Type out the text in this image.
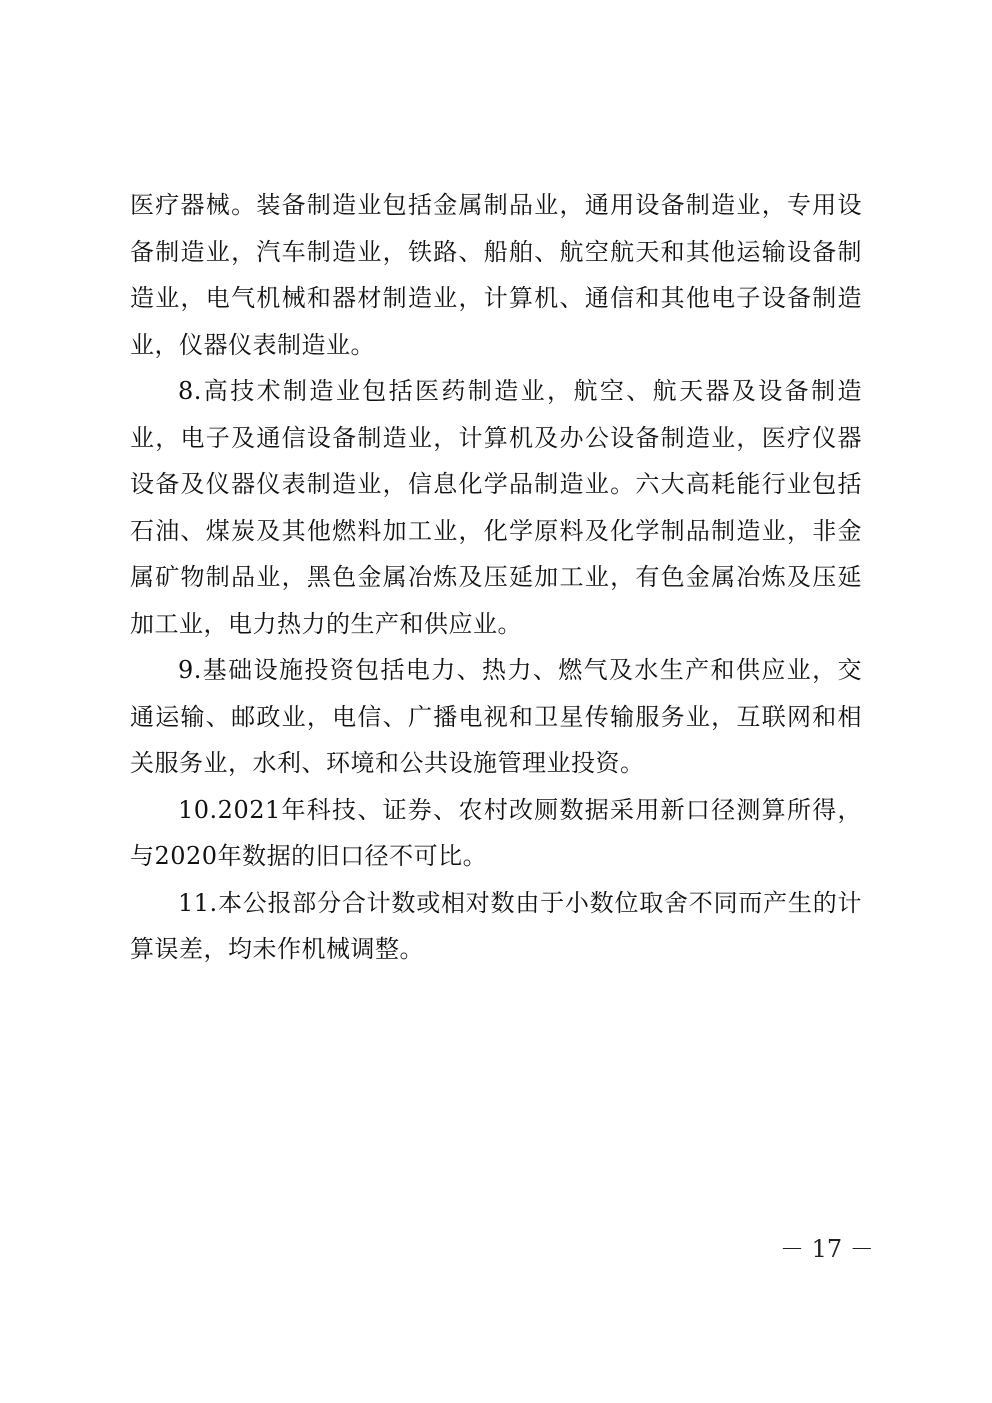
医疗器械。装备制造业包括金属制品业，通用设备制造业，专用设备制造业，汽车制造业，铁路、船舶、航空航天和其他运输设备制造业，电气机械和器材制造业，计算机、通信和其他电子设备制造业，仪器仪表制造业。

8.高技术制造业包括医药制造业，航空、航天器及设备制造业，电子及通信设备制造业，计算机及办公设备制造业，医疗仪器设备及仪器仪表制造业，信息化学品制造业。六大高耗能行业包括石油、煤炭及其他燃料加工业，化学原料及化学制品制造业，非金属矿物制品业，黑色金属冶炼及压延加工业，有色金属冶炼及压延加工业，电力热力的生产和供应业。

9.基础设施投资包括电力、热力、燃气及水生产和供应业，交通运输、邮政业，电信、广播电视和卫星传输服务业，互联网和相关服务业，水利、环境和公共设施管理业投资。

10.2021年科技、证券、农村改厕数据采用新口径测算所得，与2020年数据的旧口径不可比。

11.本公报部分合计数或相对数由于小数位取舍不同而产生的计算误差，均未作机械调整。

－ 17 －
